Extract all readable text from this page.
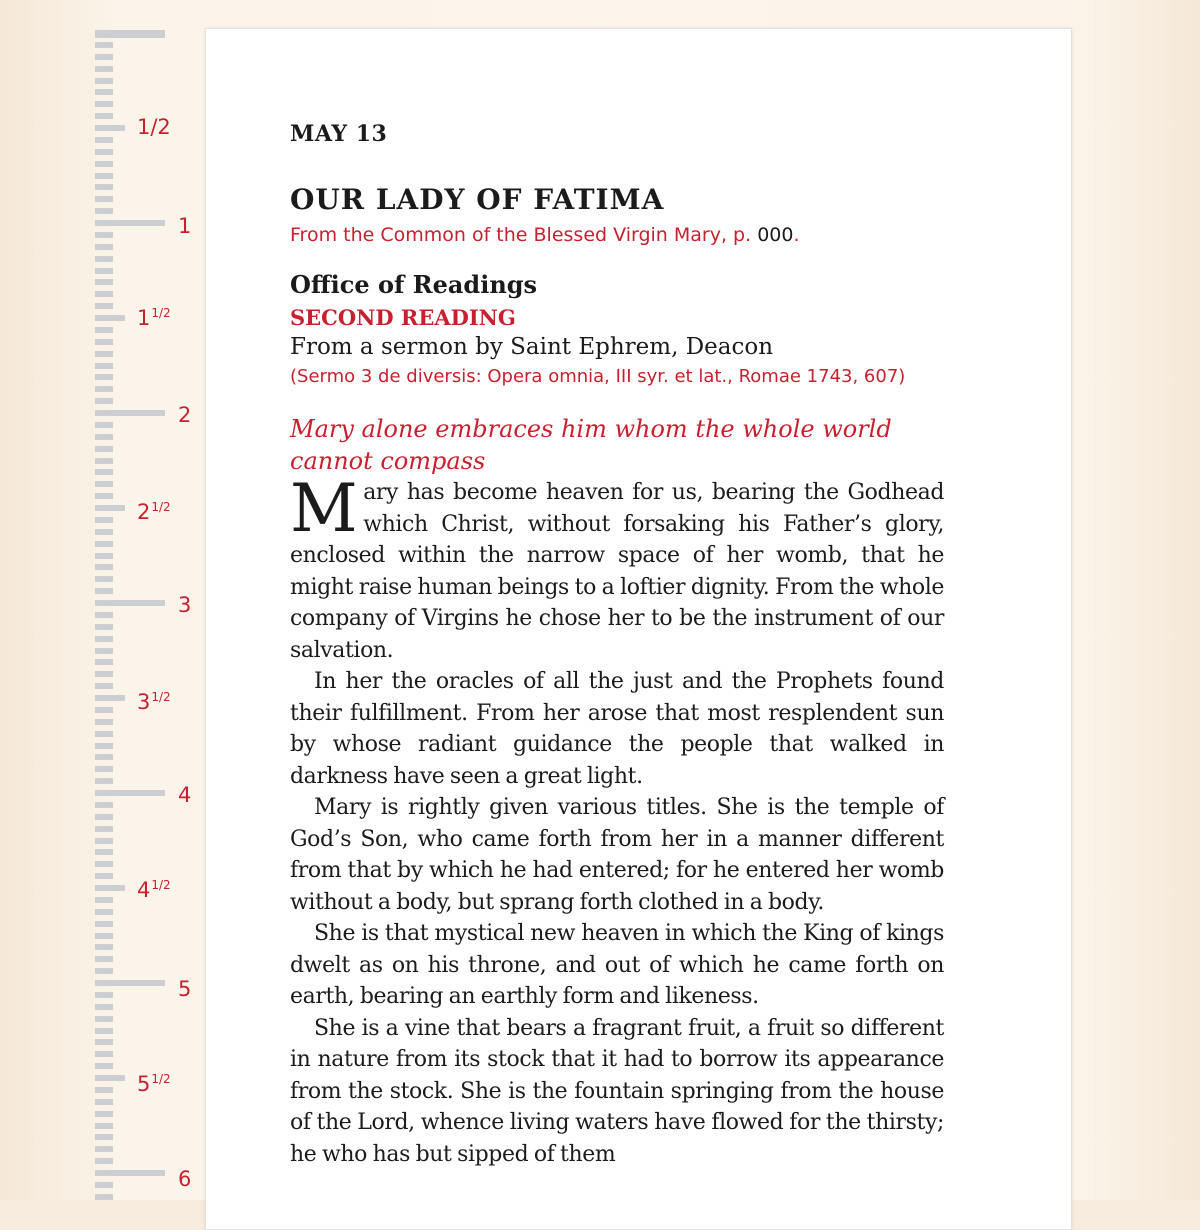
1/2
1
$1^{1/2}$
2
$2^{1/2}$
3
$3^{1/2}$
4
$4^{1/2}$
5
$5^{1/2}$
6
MAY 13
OUR LADY OF FATIMA
From the Common of the Blessed Virgin Mary, p. 000.
Office of Readings
SECOND READING
From a sermon by Saint Ephrem, Deacon
(Sermo 3 de diversis: Opera omnia, III syr. et lat., Romae 1743, 607)
Mary alone embraces him whom the whole world cannot compass

Mary has become heaven for us, bearing the Godhead which Christ, without forsaking his Father’s glory, enclosed within the narrow space of her womb, that he might raise human beings to a loftier dignity. From the whole company of Virgins he chose her to be the instrument of our salvation.

In her the oracles of all the just and the Prophets found their fulfillment. From her arose that most resplendent sun by whose radiant guidance the people that walked in darkness have seen a great light.

Mary is rightly given various titles. She is the temple of God’s Son, who came forth from her in a manner different from that by which he had entered; for he entered her womb without a body, but sprang forth clothed in a body.

She is that mystical new heaven in which the King of kings dwelt as on his throne, and out of which he came forth on earth, bearing an earthly form and likeness.

She is a vine that bears a fragrant fruit, a fruit so different in nature from its stock that it had to borrow its appearance from the stock. She is the fountain springing from the house of the Lord, whence living waters have flowed for the thirsty; he who has but sipped of them
